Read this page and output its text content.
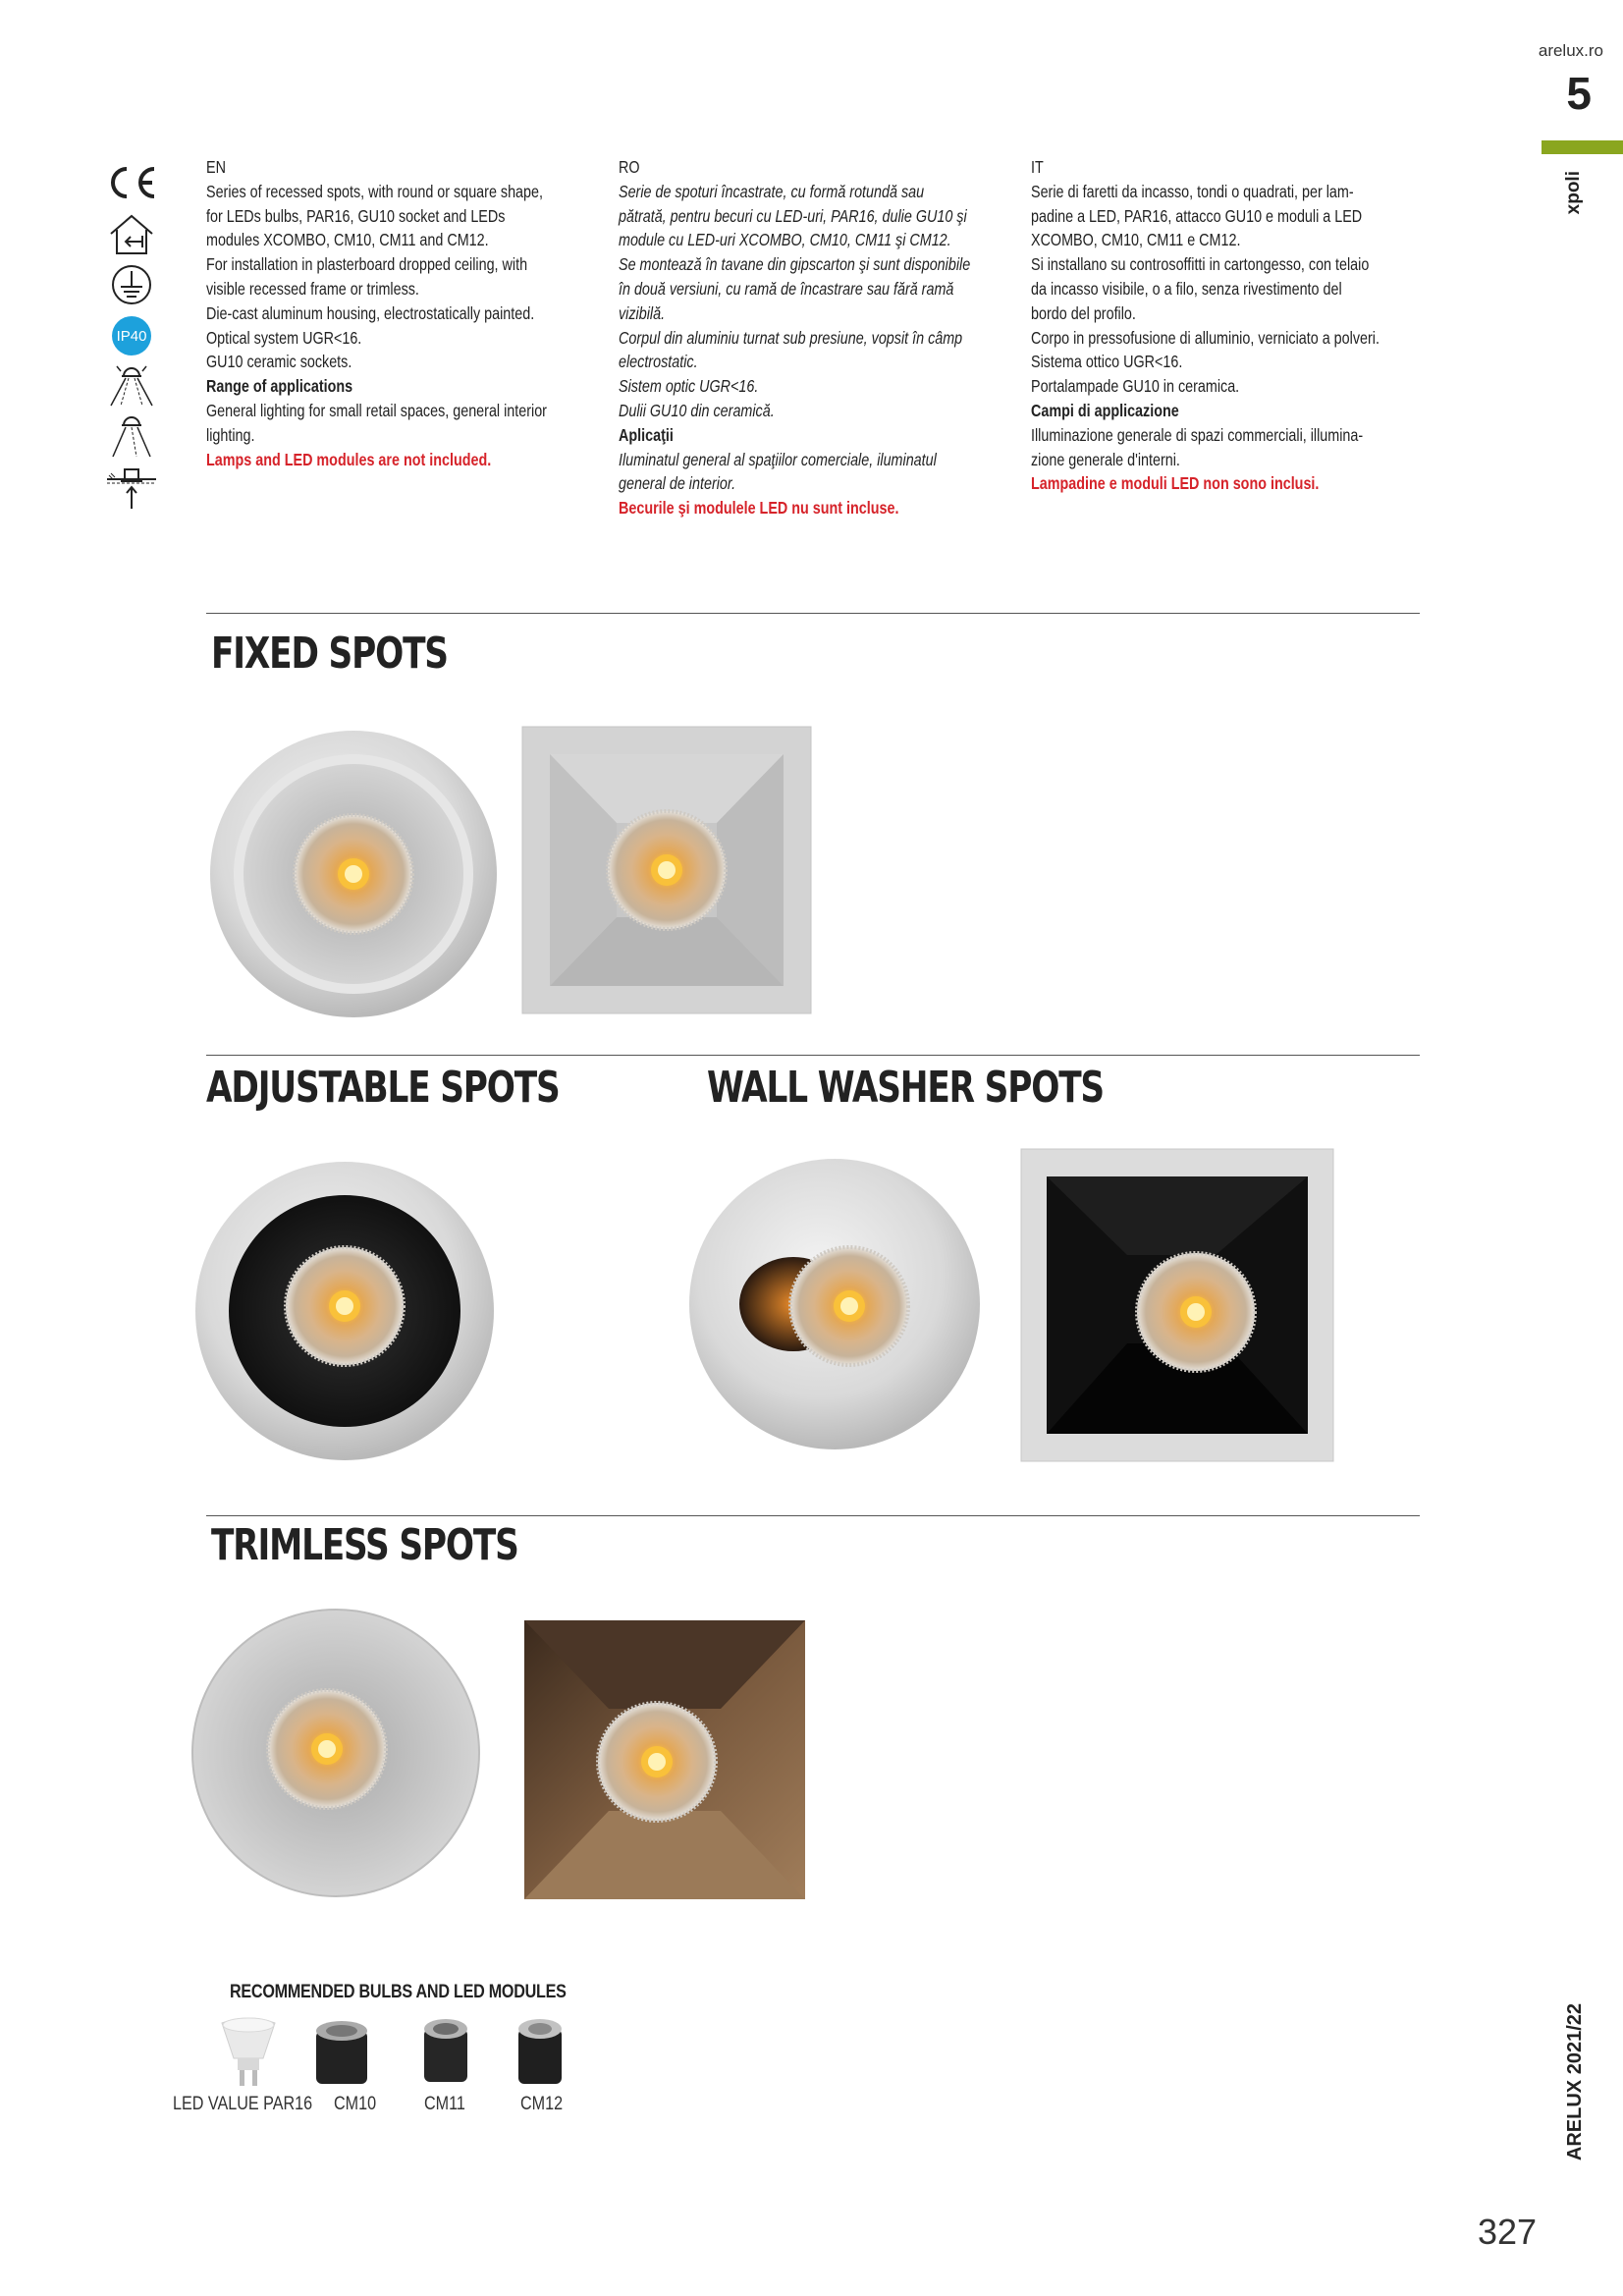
arelux.ro
5
xpoli
ARELUX 2021/22
327
IP40

EN

Series of recessed spots, with round or square shape,

for LEDs bulbs, PAR16, GU10 socket and LEDs

modules XCOMBO, CM10, CM11 and CM12.

For installation in plasterboard dropped ceiling, with

visible recessed frame or trimless.

Die-cast aluminum housing, electrostatically painted.

Optical system UGR<16.

GU10 ceramic sockets.

Range of applications

General lighting for small retail spaces, general interior

lighting.

Lamps and LED modules are not included.

RO

Serie de spoturi încastrate, cu formă rotundă sau

pătrată, pentru becuri cu LED-uri, PAR16, dulie GU10 şi

module cu LED-uri XCOMBO, CM10, CM11 şi CM12.

Se montează în tavane din gipscarton şi sunt disponibile

în două versiuni, cu ramă de încastrare sau fără ramă

vizibilă.

Corpul din aluminiu turnat sub presiune, vopsit în câmp

electrostatic.

Sistem optic UGR<16.

Dulii GU10 din ceramică.

Aplicaţii

Iluminatul general al spaţiilor comerciale, iluminatul

general de interior.

Becurile şi modulele LED nu sunt incluse.

IT

Serie di faretti da incasso, tondi o quadrati, per lam-

padine a LED, PAR16, attacco GU10 e moduli a LED

XCOMBO, CM10, CM11 e CM12.

Si installano su controsoffitti in cartongesso, con telaio

da incasso visibile, o a filo, senza rivestimento del

bordo del profilo.

Corpo in pressofusione di alluminio, verniciato a polveri.

Sistema ottico UGR<16.

Portalampade GU10 in ceramica.

Campi di applicazione

Illuminazione generale di spazi commerciali, illumina-

zione generale d'interni.

Lampadine e moduli LED non sono inclusi.

FIXED SPOTS
ADJUSTABLE SPOTS	WALL WASHER SPOTS
TRIMLESS SPOTS
RECOMMENDED BULBS AND LED MODULES
LED VALUE PAR16 CM10	CM11	CM12
